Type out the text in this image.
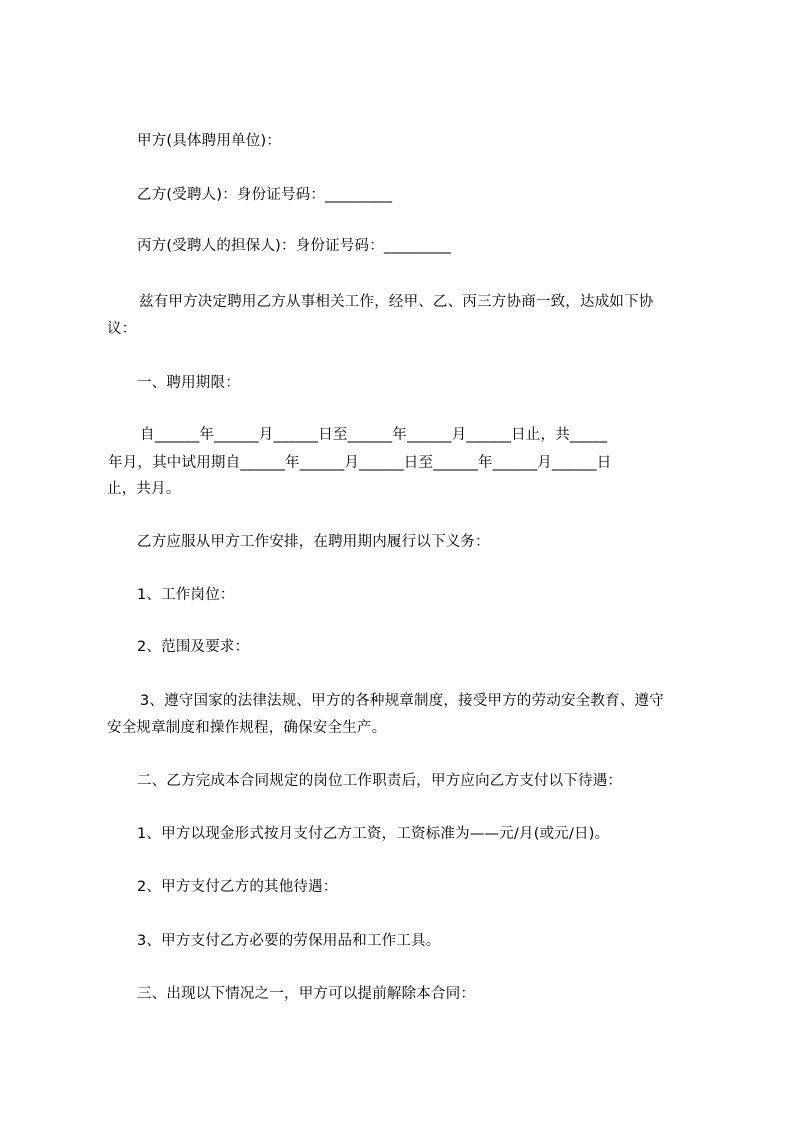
甲方(具体聘用单位)：
乙方(受聘人)：身份证号码：_________
丙方(受聘人的担保人)：身份证号码：_________
兹有甲方决定聘用乙方从事相关工作，经甲、乙、丙三方协商一致，达成如下协
议：
一、聘用期限：
自______年______月______日至______年______月______日止，共_____
年月，其中试用期自______年______月______日至______年______月______日
止，共月。
乙方应服从甲方工作安排，在聘用期内履行以下义务：
1、工作岗位：
2、范围及要求：
3、遵守国家的法律法规、甲方的各种规章制度，接受甲方的劳动安全教育、遵守
安全规章制度和操作规程，确保安全生产。
二、乙方完成本合同规定的岗位工作职责后，甲方应向乙方支付以下待遇：
1、甲方以现金形式按月支付乙方工资，工资标准为——元/月(或元/日)。
2、甲方支付乙方的其他待遇：
3、甲方支付乙方必要的劳保用品和工作工具。
三、出现以下情况之一，甲方可以提前解除本合同：
